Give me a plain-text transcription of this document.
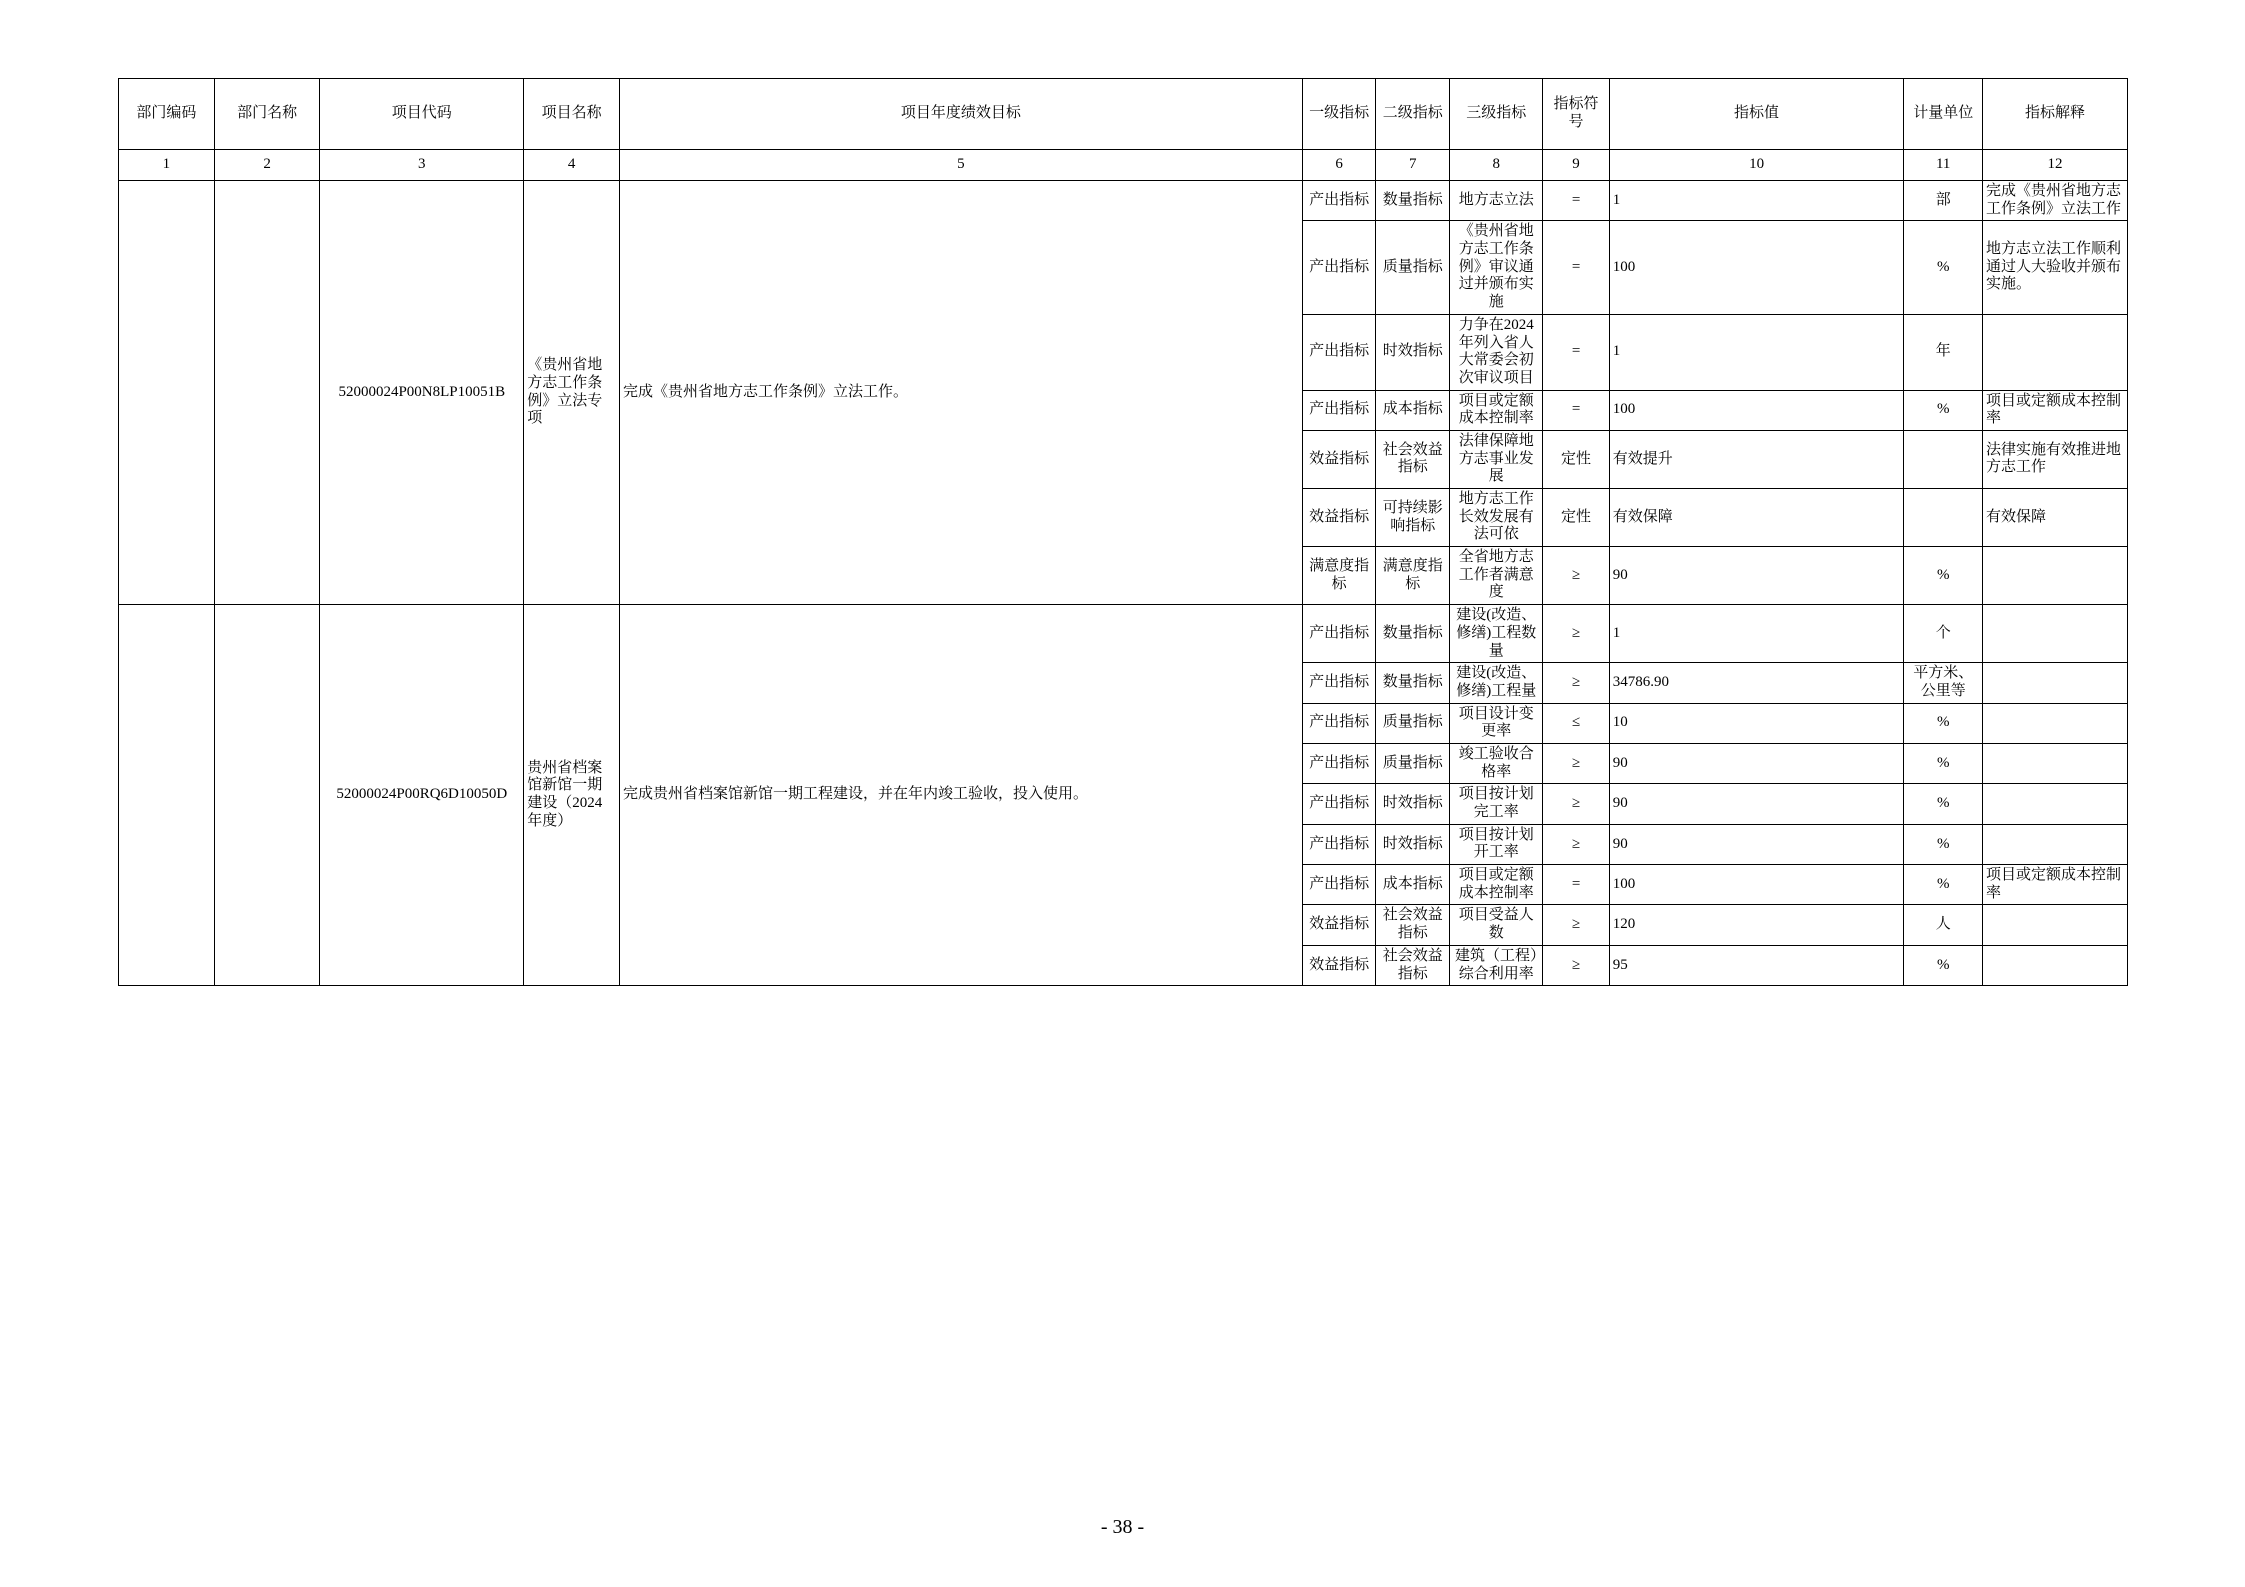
部门编码	部门名称	项目代码	项目名称	项目年度绩效目标	一级指标	二级指标	三级指标	指标符号	指标值	计量单位	指标解释
1	2	3	4	5	6	7	8	9	10	11	12
		52000024P00N8LP10051B	《贵州省地方志工作条例》立法专项	完成《贵州省地方志工作条例》立法工作。	产出指标	数量指标	地方志立法	=	1	部	完成《贵州省地方志工作条例》立法工作
					产出指标	质量指标	《贵州省地方志工作条例》审议通过并颁布实施	=	100	%	地方志立法工作顺利通过人大验收并颁布实施。
					产出指标	时效指标	力争在2024年列入省人大常委会初次审议项目	=	1	年	
					产出指标	成本指标	项目或定额成本控制率	=	100	%	项目或定额成本控制率
					效益指标	社会效益指标	法律保障地方志事业发展	定性	有效提升		法律实施有效推进地方志工作
					效益指标	可持续影响指标	地方志工作长效发展有法可依	定性	有效保障		有效保障
					满意度指标	满意度指标	全省地方志工作者满意度	≥	90	%	
		52000024P00RQ6D10050D	贵州省档案馆新馆一期建设（2024年度）	完成贵州省档案馆新馆一期工程建设，并在年内竣工验收，投入使用。	产出指标	数量指标	建设(改造、修缮)工程数量	≥	1	个	
					产出指标	数量指标	建设(改造、修缮)工程量	≥	34786.90	平方米、公里等	
					产出指标	质量指标	项目设计变更率	≤	10	%	
					产出指标	质量指标	竣工验收合格率	≥	90	%	
					产出指标	时效指标	项目按计划完工率	≥	90	%	
					产出指标	时效指标	项目按计划开工率	≥	90	%	
					产出指标	成本指标	项目或定额成本控制率	=	100	%	项目或定额成本控制率
					效益指标	社会效益指标	项目受益人数	≥	120	人	
					效益指标	社会效益指标	建筑（工程）综合利用率	≥	95	%	
- 38 -
